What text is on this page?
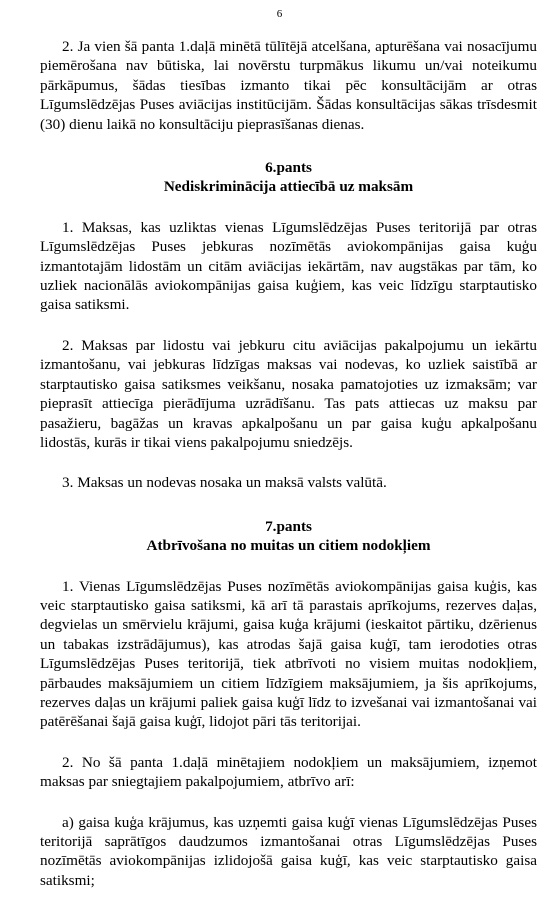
6

2. Ja vien šā panta 1.daļā minētā tūlītējā atcelšana, apturēšana vai nosacījumu piemērošana nav būtiska, lai novērstu turpmākus likumu un/vai noteikumu pārkāpumus, šādas tiesības izmanto tikai pēc konsultācijām ar otras Līgumslēdzējas Puses aviācijas institūcijām. Šādas konsultācijas sākas trīsdesmit (30) dienu laikā no konsultāciju pieprasīšanas dienas.

6.pants
Nediskriminācija attiecībā uz maksām

1. Maksas, kas uzliktas vienas Līgumslēdzējas Puses teritorijā par otras Līgumslēdzējas Puses jebkuras nozīmētās aviokompānijas gaisa kuģu izmantotajām lidostām un citām aviācijas iekārtām, nav augstākas par tām, ko uzliek nacionālās aviokompānijas gaisa kuģiem, kas veic līdzīgu starptautisko gaisa satiksmi.

2. Maksas par lidostu vai jebkuru citu aviācijas pakalpojumu un iekārtu izmantošanu, vai jebkuras līdzīgas maksas vai nodevas, ko uzliek saistībā ar starptautisko gaisa satiksmes veikšanu, nosaka pamatojoties uz izmaksām; var pieprasīt attiecīga pierādījuma uzrādīšanu. Tas pats attiecas uz maksu par pasažieru, bagāžas un kravas apkalpošanu un par gaisa kuģu apkalpošanu lidostās, kurās ir tikai viens pakalpojumu sniedzējs.

3. Maksas un nodevas nosaka un maksā valsts valūtā.

7.pants
Atbrīvošana no muitas un citiem nodokļiem

1. Vienas Līgumslēdzējas Puses nozīmētās aviokompānijas gaisa kuģis, kas veic starptautisko gaisa satiksmi, kā arī tā parastais aprīkojums, rezerves daļas, degvielas un smērvielu krājumi, gaisa kuģa krājumi (ieskaitot pārtiku, dzērienus un tabakas izstrādājumus), kas atrodas šajā gaisa kuģī, tam ierodoties otras Līgumslēdzējas Puses teritorijā, tiek atbrīvoti no visiem muitas nodokļiem, pārbaudes maksājumiem un citiem līdzīgiem maksājumiem, ja šis aprīkojums, rezerves daļas un krājumi paliek gaisa kuģī līdz to izvešanai vai izmantošanai vai patērēšanai šajā gaisa kuģī, lidojot pāri tās teritorijai.

2. No šā panta 1.daļā minētajiem nodokļiem un maksājumiem, izņemot maksas par sniegtajiem pakalpojumiem, atbrīvo arī:

a) gaisa kuģa krājumus, kas uzņemti gaisa kuģī vienas Līgumslēdzējas Puses teritorijā saprātīgos daudzumos izmantošanai otras Līgumslēdzējas Puses nozīmētās aviokompānijas izlidojošā gaisa kuģī, kas veic starptautisko gaisa satiksmi;
